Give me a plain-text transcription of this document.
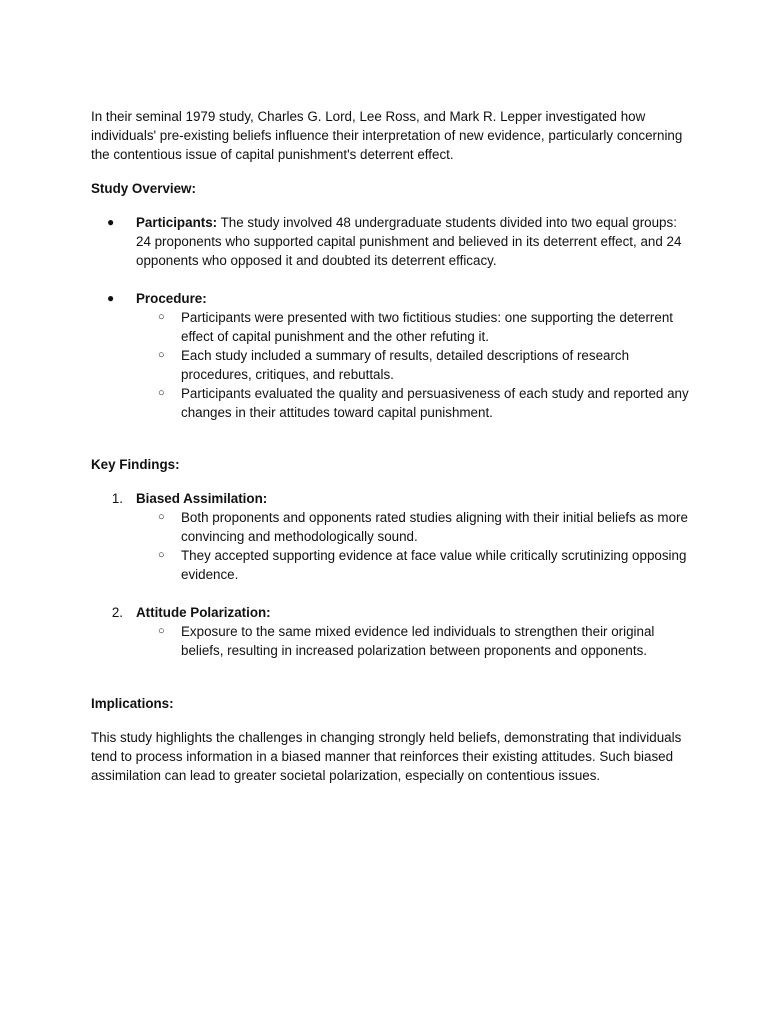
In their seminal 1979 study, Charles G. Lord, Lee Ross, and Mark R. Lepper investigated how individuals' pre-existing beliefs influence their interpretation of new evidence, particularly concerning the contentious issue of capital punishment's deterrent effect.

Study Overview:

●	Participants: The study involved 48 undergraduate students divided into two equal groups: 24 proponents who supported capital punishment and believed in its deterrent effect, and 24 opponents who opposed it and doubted its deterrent efficacy.
●	Procedure:
○ Participants were presented with two fictitious studies: one supporting the deterrent effect of capital punishment and the other refuting it.
○ Each study included a summary of results, detailed descriptions of research procedures, critiques, and rebuttals.
○ Participants evaluated the quality and persuasiveness of each study and reported any changes in their attitudes toward capital punishment.

Key Findings:

1. Biased Assimilation:
○ Both proponents and opponents rated studies aligning with their initial beliefs as more convincing and methodologically sound.
○ They accepted supporting evidence at face value while critically scrutinizing opposing evidence.
2. Attitude Polarization:
○ Exposure to the same mixed evidence led individuals to strengthen their original beliefs, resulting in increased polarization between proponents and opponents.

Implications:

This study highlights the challenges in changing strongly held beliefs, demonstrating that individuals tend to process information in a biased manner that reinforces their existing attitudes. Such biased assimilation can lead to greater societal polarization, especially on contentious issues.
